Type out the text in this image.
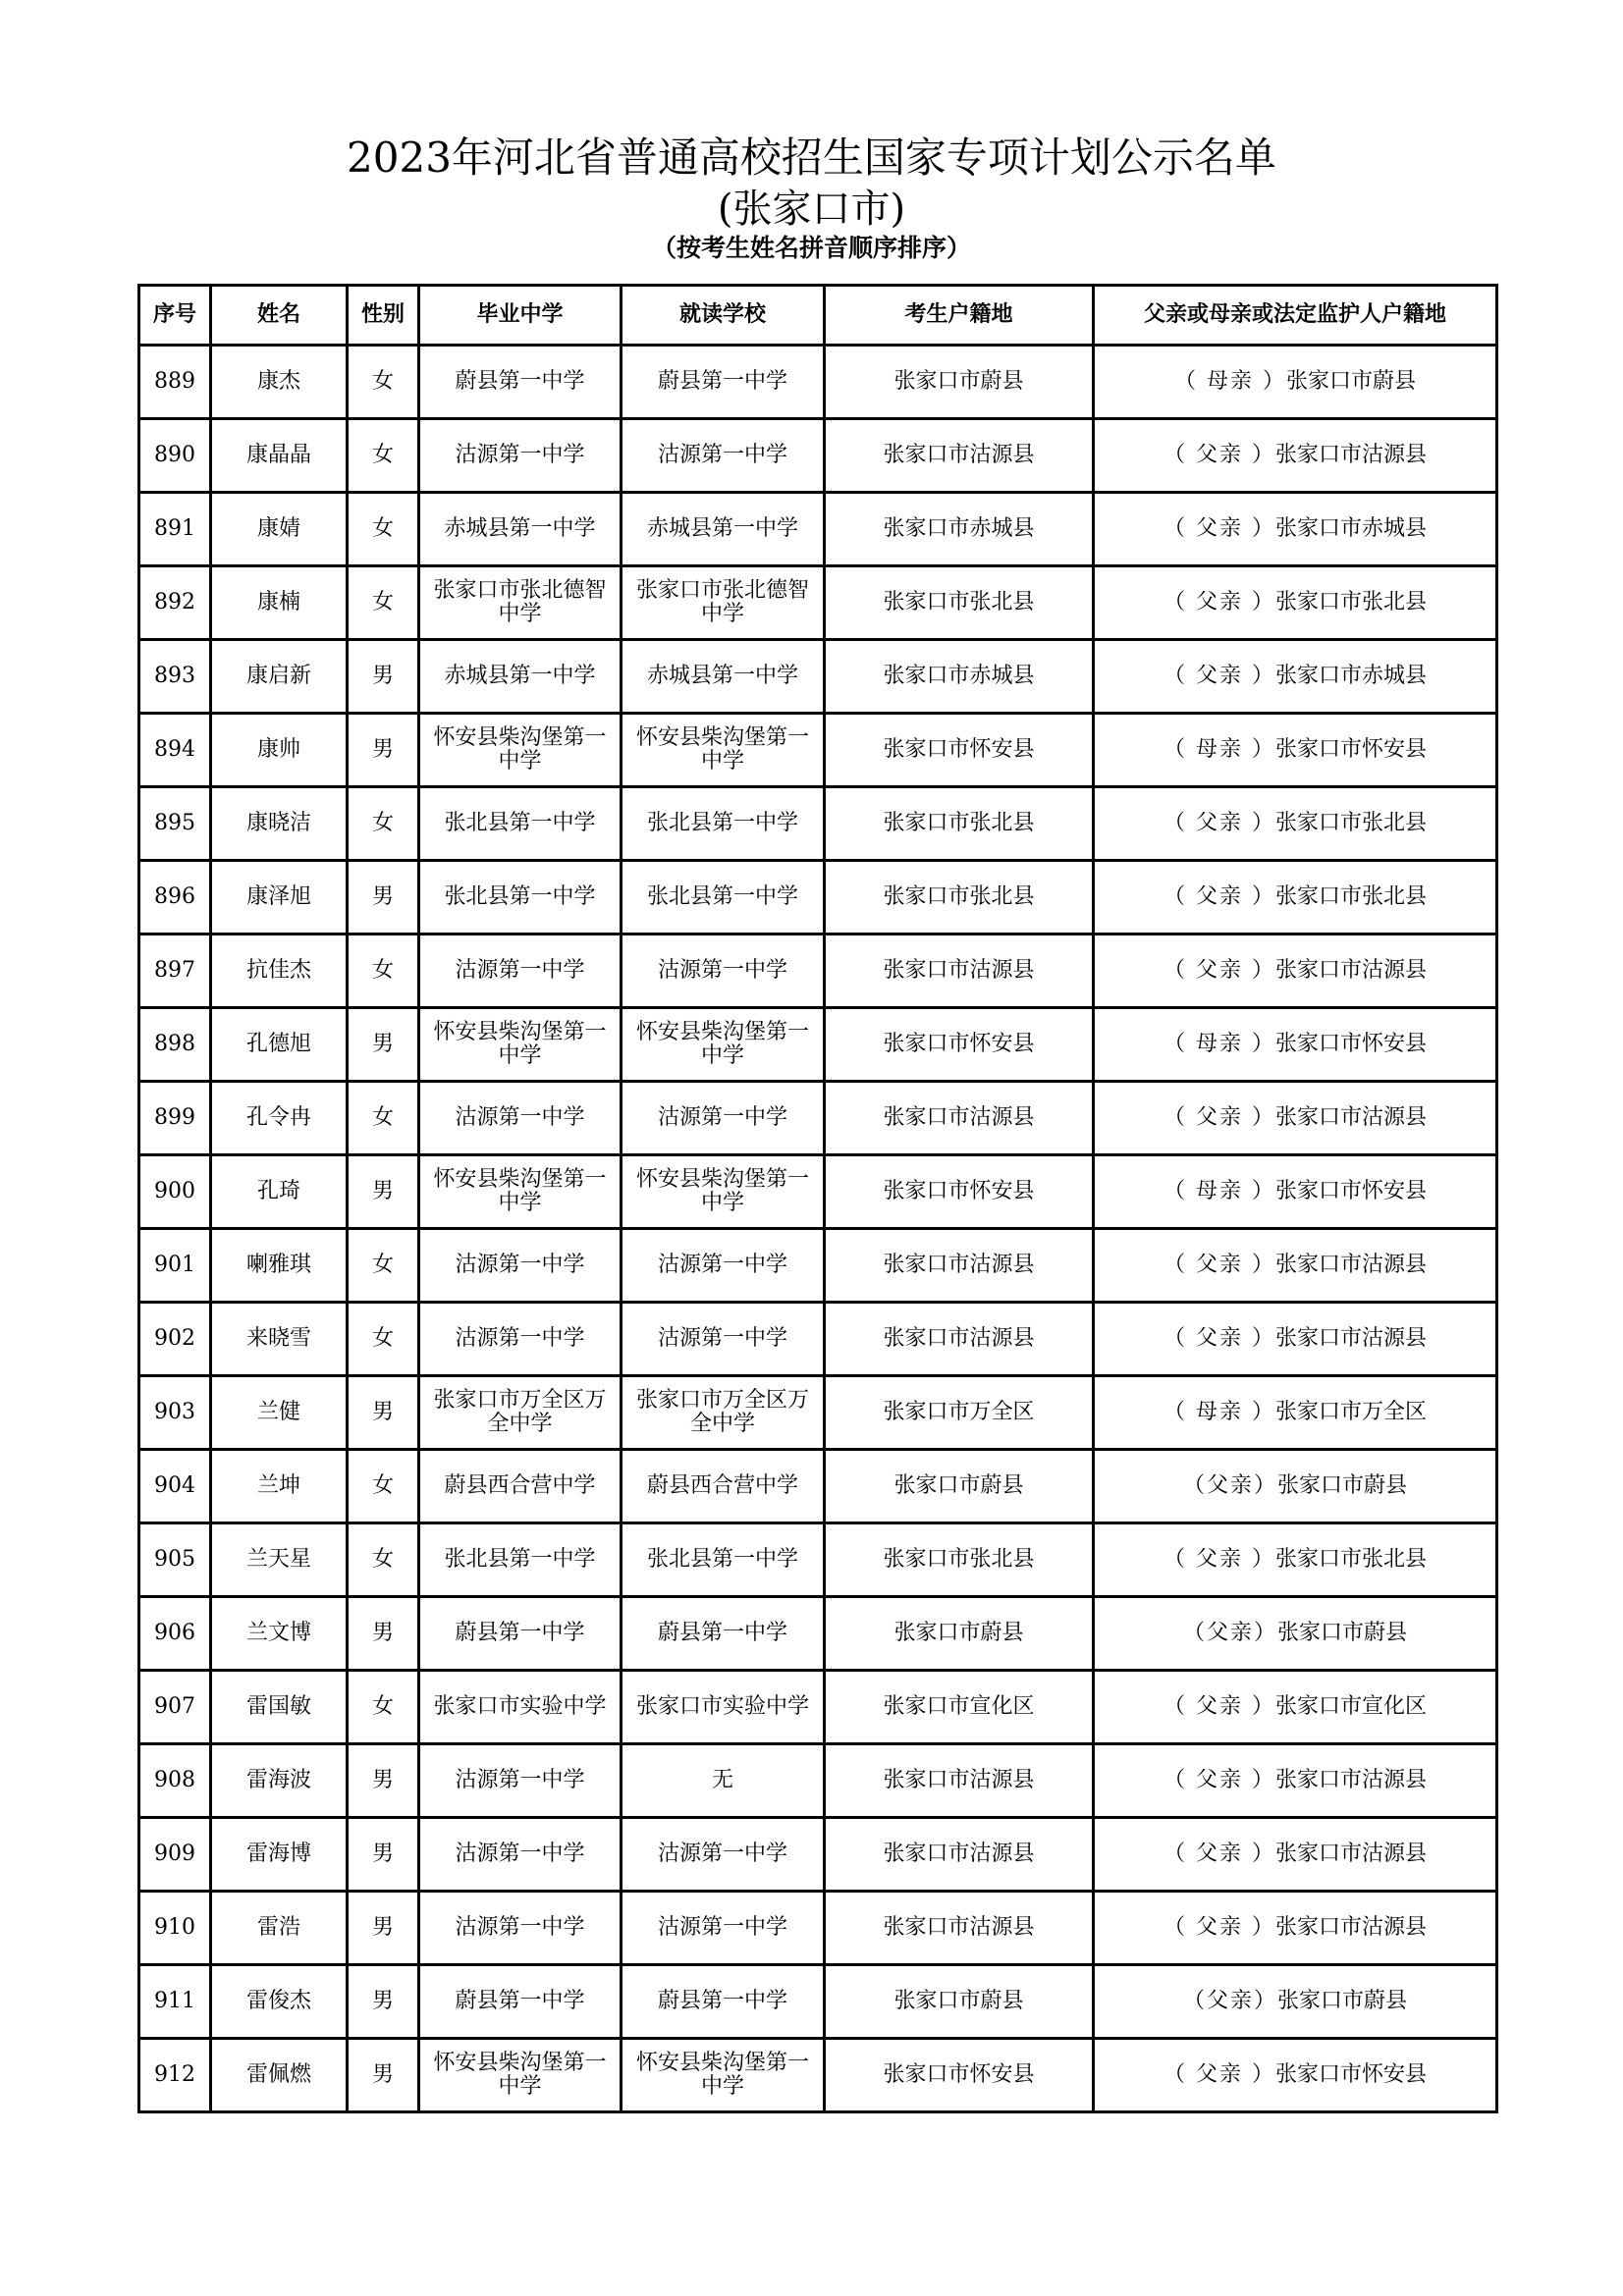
2023年河北省普通高校招生国家专项计划公示名单
(张家口市)
（按考生姓名拼音顺序排序）
序号	姓名	性别	毕业中学	就读学校	考生户籍地	父亲或母亲或法定监护人户籍地
889	康杰	女	蔚县第一中学	蔚县第一中学	张家口市蔚县	（ 母亲 ）张家口市蔚县
890	康晶晶	女	沽源第一中学	沽源第一中学	张家口市沽源县	（ 父亲 ）张家口市沽源县
891	康婧	女	赤城县第一中学	赤城县第一中学	张家口市赤城县	（ 父亲 ）张家口市赤城县
892	康楠	女	张家口市张北德智中学	张家口市张北德智中学	张家口市张北县	（ 父亲 ）张家口市张北县
893	康启新	男	赤城县第一中学	赤城县第一中学	张家口市赤城县	（ 父亲 ）张家口市赤城县
894	康帅	男	怀安县柴沟堡第一中学	怀安县柴沟堡第一中学	张家口市怀安县	（ 母亲 ）张家口市怀安县
895	康晓洁	女	张北县第一中学	张北县第一中学	张家口市张北县	（ 父亲 ）张家口市张北县
896	康泽旭	男	张北县第一中学	张北县第一中学	张家口市张北县	（ 父亲 ）张家口市张北县
897	抗佳杰	女	沽源第一中学	沽源第一中学	张家口市沽源县	（ 父亲 ）张家口市沽源县
898	孔德旭	男	怀安县柴沟堡第一中学	怀安县柴沟堡第一中学	张家口市怀安县	（ 母亲 ）张家口市怀安县
899	孔令冉	女	沽源第一中学	沽源第一中学	张家口市沽源县	（ 父亲 ）张家口市沽源县
900	孔琦	男	怀安县柴沟堡第一中学	怀安县柴沟堡第一中学	张家口市怀安县	（ 母亲 ）张家口市怀安县
901	喇雅琪	女	沽源第一中学	沽源第一中学	张家口市沽源县	（ 父亲 ）张家口市沽源县
902	来晓雪	女	沽源第一中学	沽源第一中学	张家口市沽源县	（ 父亲 ）张家口市沽源县
903	兰健	男	张家口市万全区万全中学	张家口市万全区万全中学	张家口市万全区	（ 母亲 ）张家口市万全区
904	兰坤	女	蔚县西合营中学	蔚县西合营中学	张家口市蔚县	（父亲）张家口市蔚县
905	兰天星	女	张北县第一中学	张北县第一中学	张家口市张北县	（ 父亲 ）张家口市张北县
906	兰文博	男	蔚县第一中学	蔚县第一中学	张家口市蔚县	（父亲）张家口市蔚县
907	雷国敏	女	张家口市实验中学	张家口市实验中学	张家口市宣化区	（ 父亲 ）张家口市宣化区
908	雷海波	男	沽源第一中学	无	张家口市沽源县	（ 父亲 ）张家口市沽源县
909	雷海博	男	沽源第一中学	沽源第一中学	张家口市沽源县	（ 父亲 ）张家口市沽源县
910	雷浩	男	沽源第一中学	沽源第一中学	张家口市沽源县	（ 父亲 ）张家口市沽源县
911	雷俊杰	男	蔚县第一中学	蔚县第一中学	张家口市蔚县	（父亲）张家口市蔚县
912	雷佩燃	男	怀安县柴沟堡第一中学	怀安县柴沟堡第一中学	张家口市怀安县	（ 父亲 ）张家口市怀安县
